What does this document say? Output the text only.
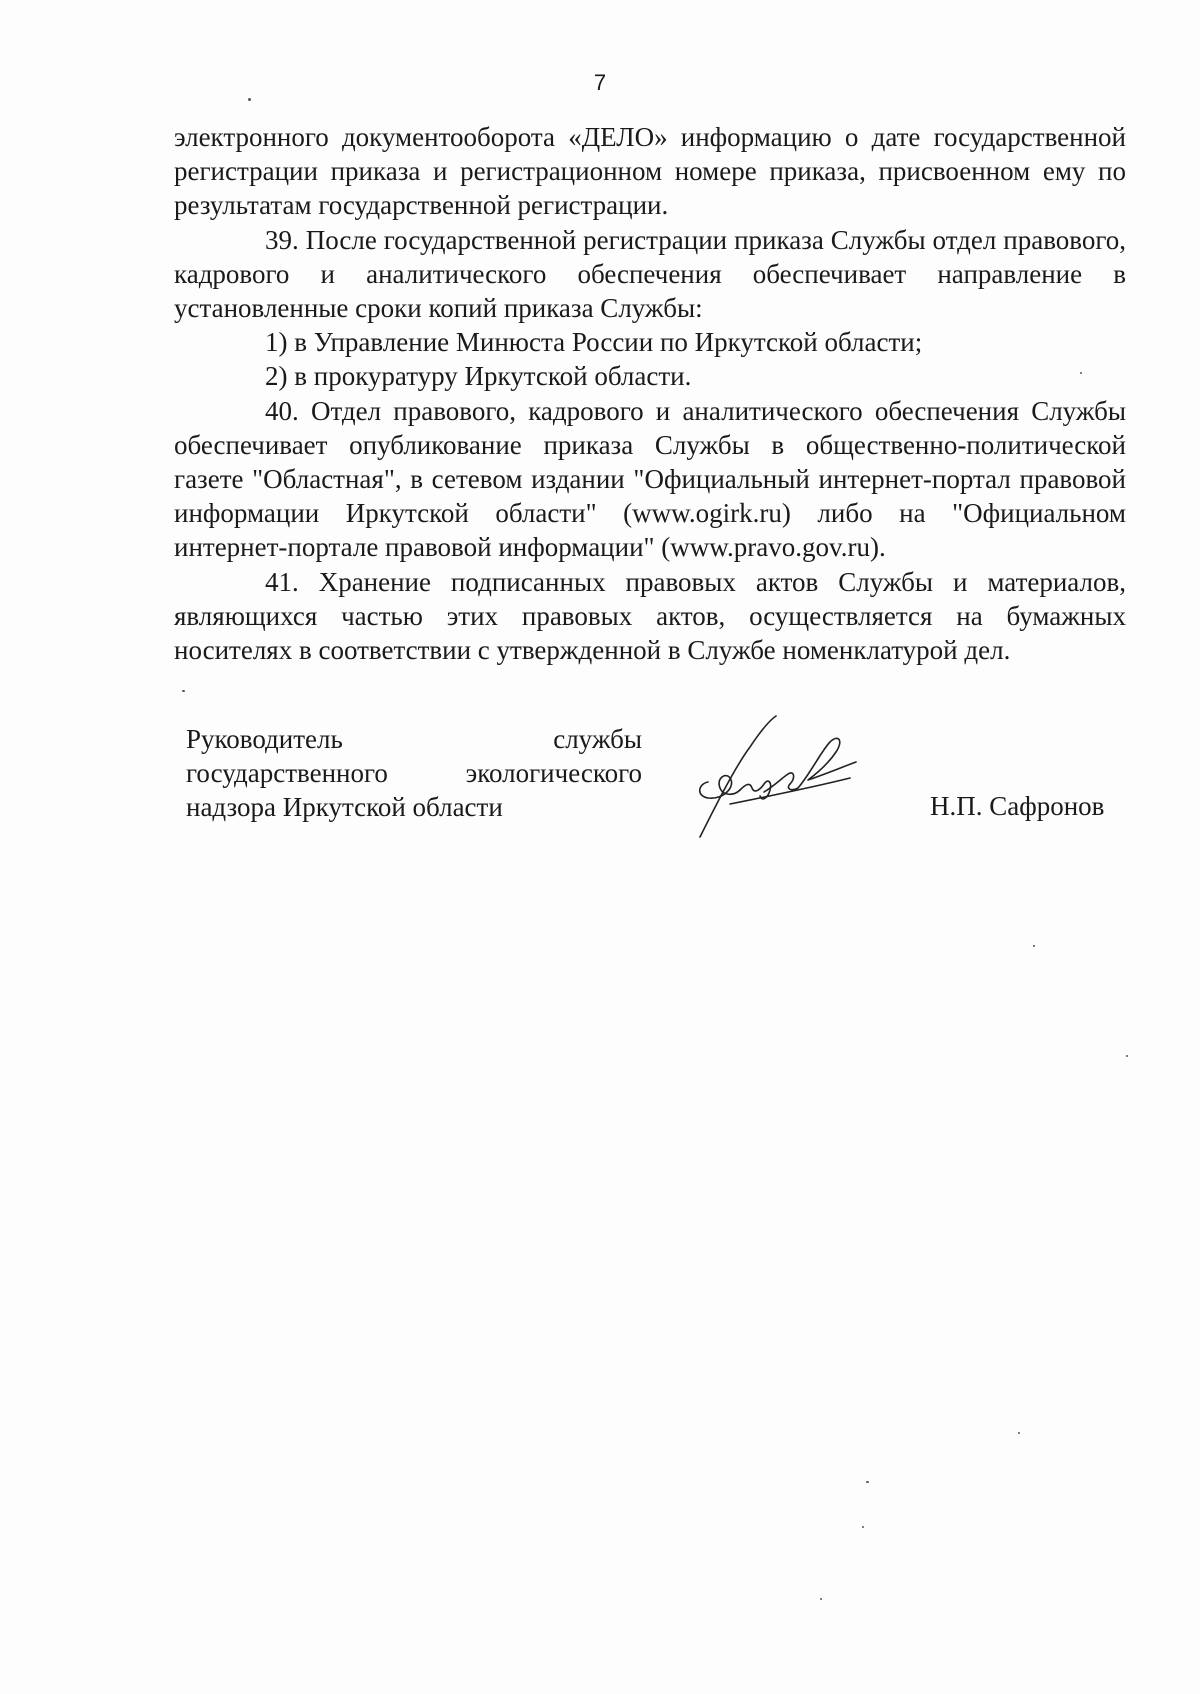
7

электронного документооборота «ДЕЛО» информацию о дате государственной регистрации приказа и регистрационном номере приказа, присвоенном ему по результатам государственной регистрации.

39. После государственной регистрации приказа Службы отдел правового, кадрового и аналитического обеспечения обеспечивает направление в установленные сроки копий приказа Службы:

1) в Управление Минюста России по Иркутской области;

2) в прокуратуру Иркутской области.

40. Отдел правового, кадрового и аналитического обеспечения Службы обеспечивает опубликование приказа Службы в общественно-политической газете "Областная", в сетевом издании "Официальный интернет-портал правовой информации Иркутской области" (www.ogirk.ru) либо на "Официальном интернет-портале правовой информации" (www.pravo.gov.ru).

41. Хранение подписанных правовых актов Службы и материалов, являющихся частью этих правовых актов, осуществляется на бумажных носителях в соответствии с утвержденной в Службе номенклатурой дел.

Руководитель	службы
государственного	экологического
надзора Иркутской области	Н.П. Сафронов
